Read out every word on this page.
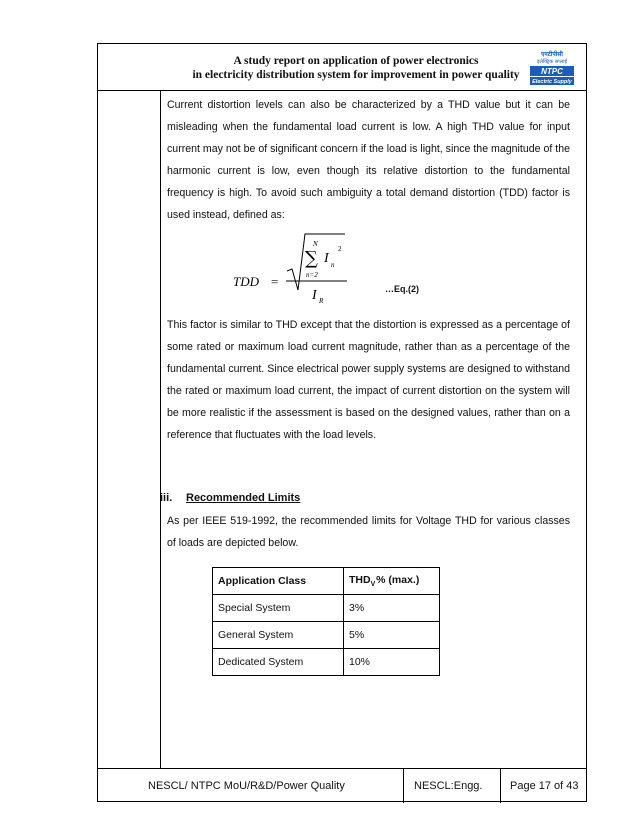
A study report on application of power electronics
in electricity distribution system for improvement in power quality
एनटीपीसी
इलेक्ट्रिक सप्लाई
NTPC
Electric Supply
NESCL/ NTPC MoU/R&D/Power Quality	NESCL:Engg.	Page 17 of 43

Current distortion levels can also be characterized by a THD value but it can be misleading when the fundamental load current is low. A high THD value for input current may not be of significant concern if the load is light, since the magnitude of the harmonic current is low, even though its relative distortion to the fundamental frequency is high. To avoid such ambiguity a total demand distortion (TDD) factor is used instead, defined as:

TDD =
N
∑
n=2
I n
2
I R
…Eq.(2)

This factor is similar to THD except that the distortion is expressed as a percentage of some rated or maximum load current magnitude, rather than as a percentage of the fundamental current. Since electrical power supply systems are designed to withstand the rated or maximum load current, the impact of current distortion on the system will be more realistic if the assessment is based on the designed values, rather than on a reference that fluctuates with the load levels.

iii. Recommended Limits

As per IEEE 519-1992, the recommended limits for Voltage THD for various classes of loads are depicted below.

Application Class	$THD_V$ % (max.)
Special System	3%
General System	5%
Dedicated System	10%
